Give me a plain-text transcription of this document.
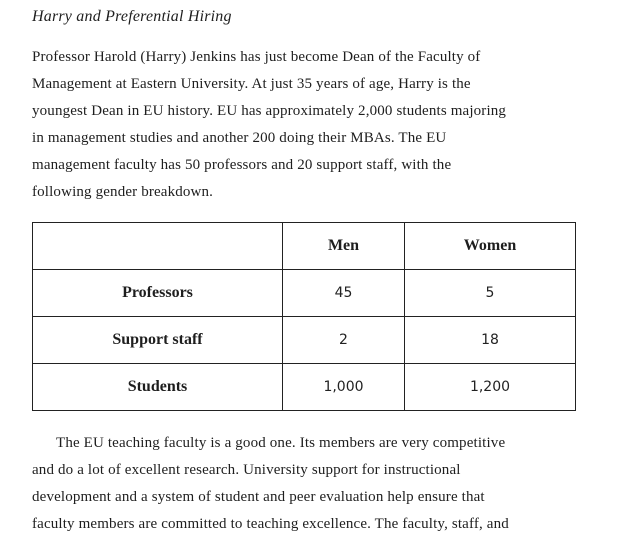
Harry and Preferential Hiring

Professor Harold (Harry) Jenkins has just become Dean of the Faculty of
Management at Eastern University. At just 35 years of age, Harry is the
youngest Dean in EU history. EU has approximately 2,000 students majoring
in management studies and another 200 doing their MBAs. The EU
management faculty has 50 professors and 20 support staff, with the
following gender breakdown.

	Men	Women
Professors	45	5
Support staff	2	18
Students	1,000	1,200

The EU teaching faculty is a good one. Its members are very competitive
and do a lot of excellent research. University support for instructional
development and a system of student and peer evaluation help ensure that
faculty members are committed to teaching excellence. The faculty, staff, and
